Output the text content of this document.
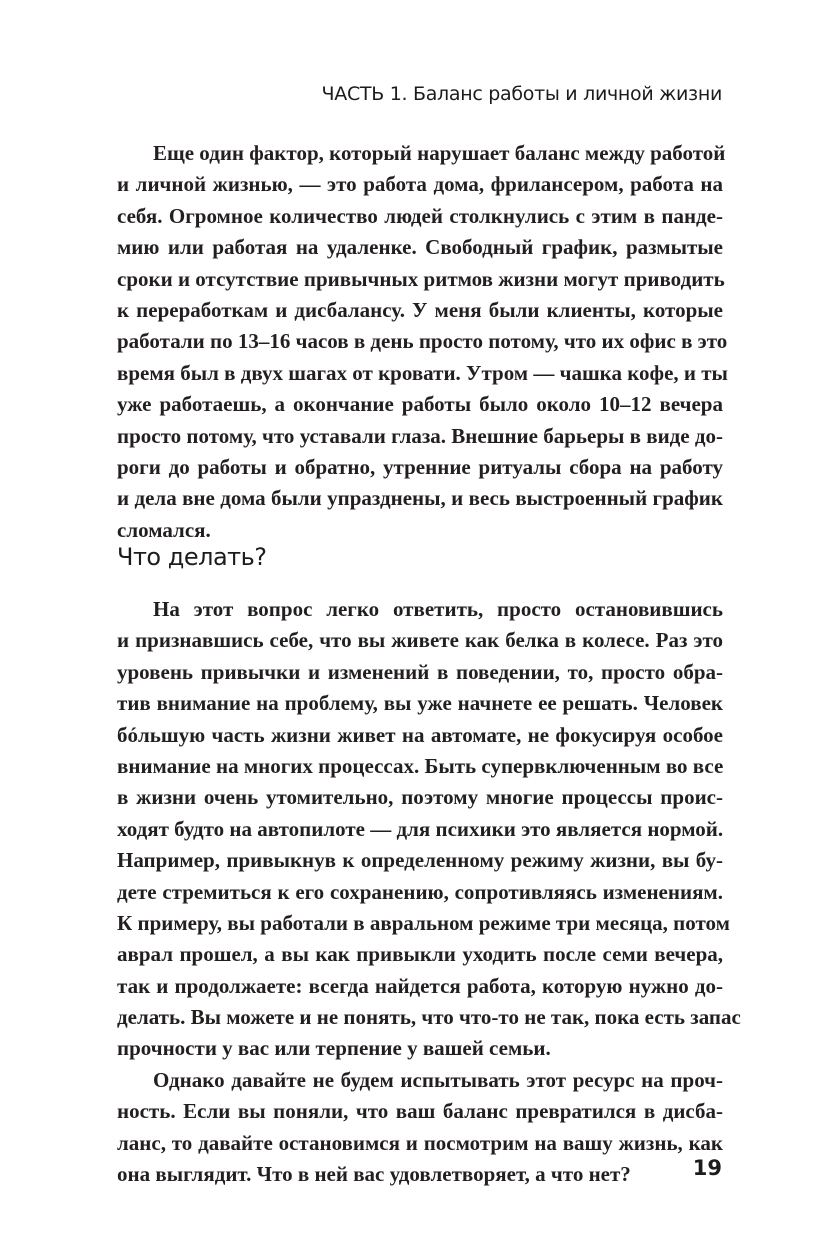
ЧАСТЬ 1. Баланс работы и личной жизни
Еще один фактор, который нарушает баланс между работой
и личной жизнью, — это работа дома, фрилансером, работа на
себя. Огромное количество людей столкнулись с этим в панде-
мию или работая на удаленке. Свободный график, размытые
сроки и отсутствие привычных ритмов жизни могут приводить
к переработкам и дисбалансу. У меня были клиенты, которые
работали по 13–16 часов в день просто потому, что их офис в это
время был в двух шагах от кровати. Утром — чашка кофе, и ты
уже работаешь, а окончание работы было около 10–12 вечера
просто потому, что уставали глаза. Внешние барьеры в виде до-
роги до работы и обратно, утренние ритуалы сбора на работу
и дела вне дома были упразднены, и весь выстроенный график
сломался.
Что делать?
На этот вопрос легко ответить, просто остановившись
и признавшись себе, что вы живете как белка в колесе. Раз это
уровень привычки и изменений в поведении, то, просто обра-
тив внимание на проблему, вы уже начнете ее решать. Человек
бóльшую часть жизни живет на автомате, не фокусируя особое
внимание на многих процессах. Быть супервключенным во все
в жизни очень утомительно, поэтому многие процессы проис-
ходят будто на автопилоте — для психики это является нормой.
Например, привыкнув к определенному режиму жизни, вы бу-
дете стремиться к его сохранению, сопротивляясь изменениям.
К примеру, вы работали в авральном режиме три месяца, потом
аврал прошел, а вы как привыкли уходить после семи вечера,
так и продолжаете: всегда найдется работа, которую нужно до-
делать. Вы можете и не понять, что что-то не так, пока есть запас
прочности у вас или терпение у вашей семьи.
Однако давайте не будем испытывать этот ресурс на проч-
ность. Если вы поняли, что ваш баланс превратился в дисба-
ланс, то давайте остановимся и посмотрим на вашу жизнь, как
она выглядит. Что в ней вас удовлетворяет, а что нет?	19
